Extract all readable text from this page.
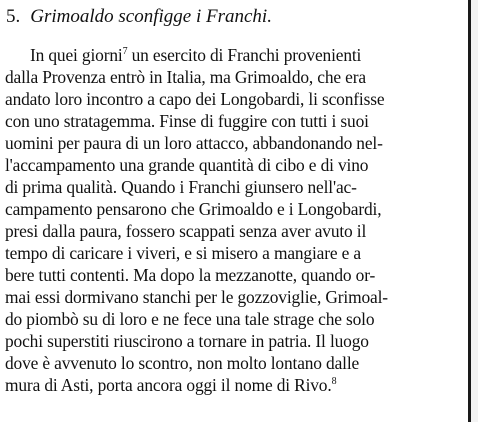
5. Grimoaldo sconfigge i Franchi.
In quei giorni$^7$ un esercito di Franchi provenienti
dalla Provenza entrò in Italia, ma Grimoaldo, che era
andato loro incontro a capo dei Longobardi, li sconfisse
con uno stratagemma. Finse di fuggire con tutti i suoi
uomini per paura di un loro attacco, abbandonando nel-
l'accampamento una grande quantità di cibo e di vino
di prima qualità. Quando i Franchi giunsero nell'ac-
campamento pensarono che Grimoaldo e i Longobardi,
presi dalla paura, fossero scappati senza aver avuto il
tempo di caricare i viveri, e si misero a mangiare e a
bere tutti contenti. Ma dopo la mezzanotte, quando or-
mai essi dormivano stanchi per le gozzoviglie, Grimoal-
do piombò su di loro e ne fece una tale strage che solo
pochi superstiti riuscirono a tornare in patria. Il luogo
dove è avvenuto lo scontro, non molto lontano dalle
mura di Asti, porta ancora oggi il nome di Rivo.$^8$
